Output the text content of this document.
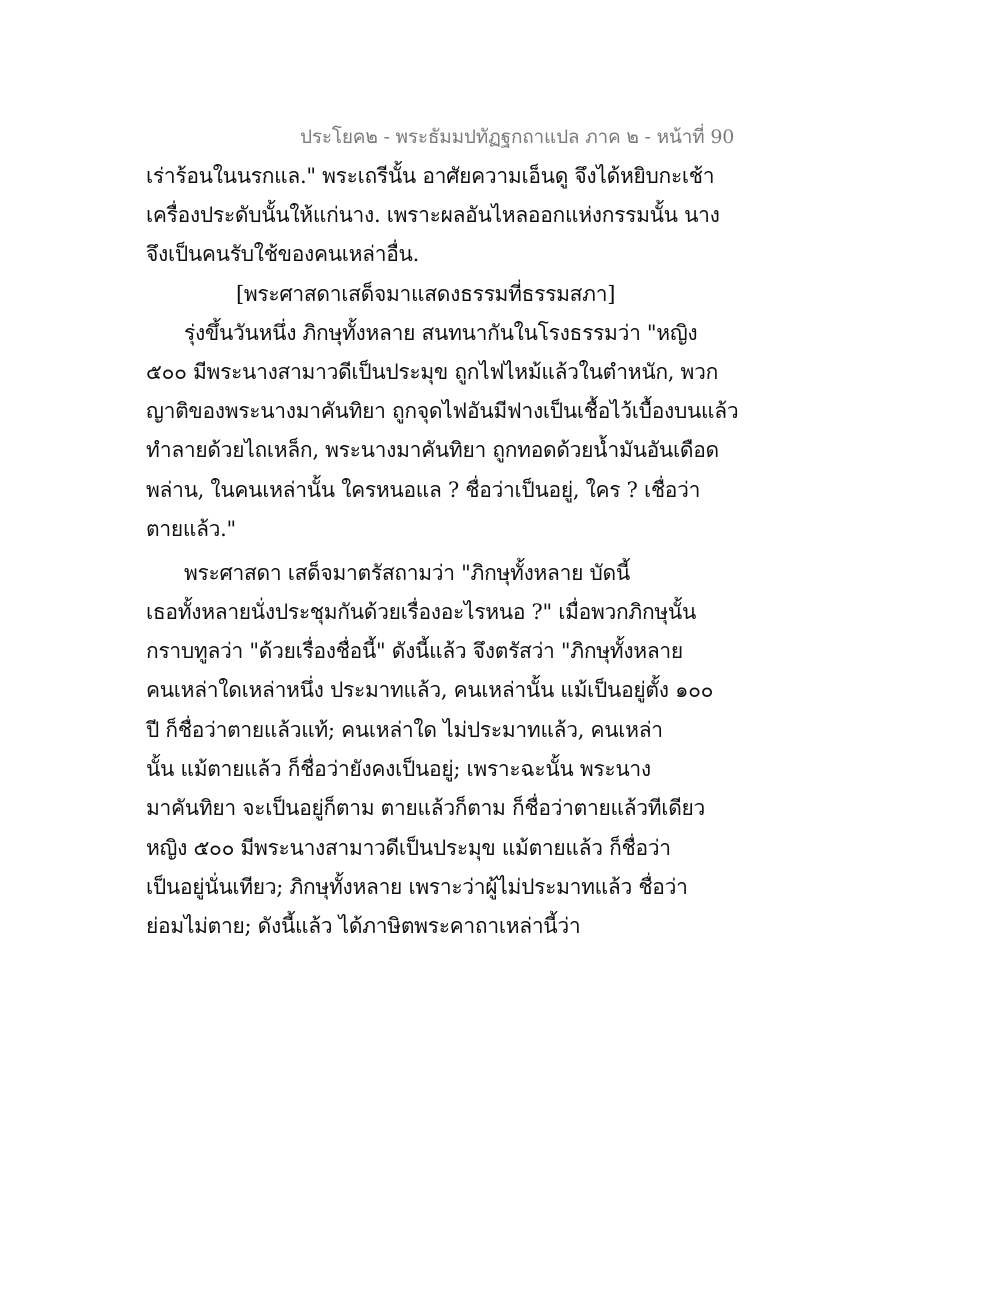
ประโยค๒ - พระธัมมปทัฏฐกถาแปล ภาค ๒ - หน้าที่ 90
เร่าร้อนในนรกแล." พระเถรีนั้น อาศัยความเอ็นดู จึงได้หยิบกะเช้า
เครื่องประดับนั้นให้แก่นาง. เพราะผลอันไหลออกแห่งกรรมนั้น นาง
จึงเป็นคนรับใช้ของคนเหล่าอื่น.
[พระศาสดาเสด็จมาแสดงธรรมที่ธรรมสภา]
รุ่งขึ้นวันหนึ่ง ภิกษุทั้งหลาย สนทนากันในโรงธรรมว่า "หญิง
๕๐๐ มีพระนางสามาวดีเป็นประมุข ถูกไฟไหม้แล้วในตำหนัก, พวก
ญาติของพระนางมาคันทิยา ถูกจุดไฟอันมีฟางเป็นเชื้อไว้เบื้องบนแล้ว
ทำลายด้วยไถเหล็ก, พระนางมาคันทิยา ถูกทอดด้วยน้ำมันอันเดือด
พล่าน, ในคนเหล่านั้น ใครหนอแล ? ชื่อว่าเป็นอยู่, ใคร ? เชื่อว่า
ตายแล้ว."
พระศาสดา เสด็จมาตรัสถามว่า "ภิกษุทั้งหลาย บัดนี้
เธอทั้งหลายนั่งประชุมกันด้วยเรื่องอะไรหนอ ?" เมื่อพวกภิกษุนั้น
กราบทูลว่า "ด้วยเรื่องชื่อนี้" ดังนี้แล้ว จึงตรัสว่า "ภิกษุทั้งหลาย
คนเหล่าใดเหล่าหนึ่ง ประมาทแล้ว, คนเหล่านั้น แม้เป็นอยู่ตั้ง ๑๐๐
ปี ก็ชื่อว่าตายแล้วแท้; คนเหล่าใด ไม่ประมาทแล้ว, คนเหล่า
นั้น แม้ตายแล้ว ก็ชื่อว่ายังคงเป็นอยู่; เพราะฉะนั้น พระนาง
มาคันทิยา จะเป็นอยู่ก็ตาม ตายแล้วก็ตาม ก็ชื่อว่าตายแล้วทีเดียว
หญิง ๕๐๐ มีพระนางสามาวดีเป็นประมุข แม้ตายแล้ว ก็ชื่อว่า
เป็นอยู่นั่นเทียว; ภิกษุทั้งหลาย เพราะว่าผู้ไม่ประมาทแล้ว ชื่อว่า
ย่อมไม่ตาย; ดังนี้แล้ว ได้ภาษิตพระคาถาเหล่านี้ว่า
